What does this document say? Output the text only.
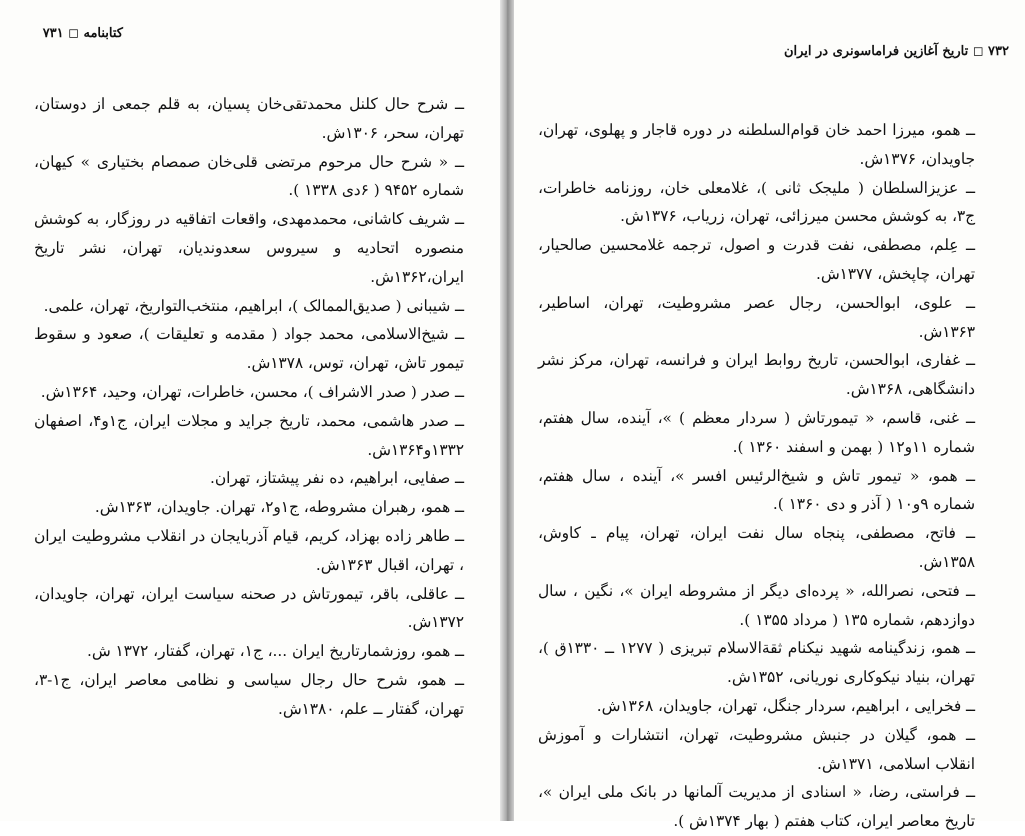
کتابنامه ◻ ۷۳۱
ــ شرح حال کلنل محمدتقی‌خان پسیان، به قلم جمعی از دوستان، تهران، سحر، ۱۳۰۶ش.
ــ « شرح حال مرحوم مرتضی قلی‌خان صمصام بختیاری » کیهان، شماره ۹۴۵۲ ( ۶دی ۱۳۳۸ ).
ــ شریف کاشانی، محمدمهدی، واقعات اتفاقیه در روزگار، به کوشش منصوره اتحادیه و سیروس سعدوندیان، تهران، نشر تاریخ ایران،۱۳۶۲ش.
ــ شیبانی ( صدیق‌الممالک )، ابراهیم، منتخب‌التواریخ، تهران، علمی.
ــ شیخ‌الاسلامی، محمد جواد ( مقدمه و تعلیقات )، صعود و سقوط تیمور تاش، تهران، توس، ۱۳۷۸ش.
ــ صدر ( صدر الاشراف )، محسن، خاطرات، تهران، وحید، ۱۳۶۴ش.
ــ صدر هاشمی، محمد، تاریخ جراید و مجلات ایران، ج۱و۴، اصفهان ۱۳۳۲و۱۳۶۴ش.
ــ صفایی، ابراهیم، ده نفر پیشتاز، تهران.
ــ همو، رهبران مشروطه، ج۱و۲، تهران. جاویدان، ۱۳۶۳ش.
ــ طاهر زاده بهزاد، کریم، قیام آذربایجان در انقلاب مشروطیت ایران ، تهران، اقبال ۱۳۶۳ش.
ــ عاقلی، باقر، تیمورتاش در صحنه سیاست ایران، تهران، جاویدان، ۱۳۷۲ش.
ــ همو، روزشمارتاریخ ایران ...، ج۱، تهران، گفتار، ۱۳۷۲ ش.
ــ همو، شرح حال رجال سیاسی و نظامی معاصر ایران، ج۱-۳، تهران، گفتار ــ علم، ۱۳۸۰ش.
۷۳۲ ◻ تاریخ آغازین فراماسونری در ایران
ــ همو، میرزا احمد خان قوام‌السلطنه در دوره قاجار و پهلوی، تهران، جاویدان، ۱۳۷۶ش.
ــ عزیزالسلطان ( ملیجک ثانی )، غلامعلی خان، روزنامه خاطرات، ج۳، به کوشش محسن میرزائی، تهران، زریاب، ۱۳۷۶ش.
ــ عِلم، مصطفی، نفت قدرت و اصول، ترجمه غلامحسین صالحیار، تهران، چاپخش، ۱۳۷۷ش.
ــ علوی، ابوالحسن، رجال عصر مشروطیت، تهران، اساطیر، ۱۳۶۳ش.
ــ غفاری، ابوالحسن، تاریخ روابط ایران و فرانسه، تهران، مرکز نشر دانشگاهی، ۱۳۶۸ش.
ــ غنی، قاسم، « تیمورتاش ( سردار معظم ) »، آینده، سال هفتم، شماره ۱۱و۱۲ ( بهمن و اسفند ۱۳۶۰ ).
ــ همو، « تیمور تاش و شیخ‌الرئیس افسر »، آینده ، سال هفتم، شماره ۹و۱۰ ( آذر و دی ۱۳۶۰ ).
ــ فاتح، مصطفی، پنجاه سال نفت ایران، تهران، پیام ـ کاوش، ۱۳۵۸ش.
ــ فتحی، نصرالله، « پرده‌ای دیگر از مشروطه ایران »، نگین ، سال دوازدهم، شماره ۱۳۵ ( مرداد ۱۳۵۵ ).
ــ همو، زندگینامه شهید نیکنام ثقة‌الاسلام تبریزی ( ۱۲۷۷ ــ ۱۳۳۰ق )، تهران، بنیاد نیکوکاری نوریانی، ۱۳۵۲ش.
ــ فخرایی ، ابراهیم، سردار جنگل، تهران، جاویدان، ۱۳۶۸ش.
ــ همو، گیلان در جنبش مشروطیت، تهران، انتشارات و آموزش انقلاب اسلامی، ۱۳۷۱ش.
ــ فراستی، رضا، « اسنادی از مدیریت آلمانها در بانک ملی ایران »، تاریخ معاصر ایران، کتاب هفتم ( بهار ۱۳۷۴ش ).
